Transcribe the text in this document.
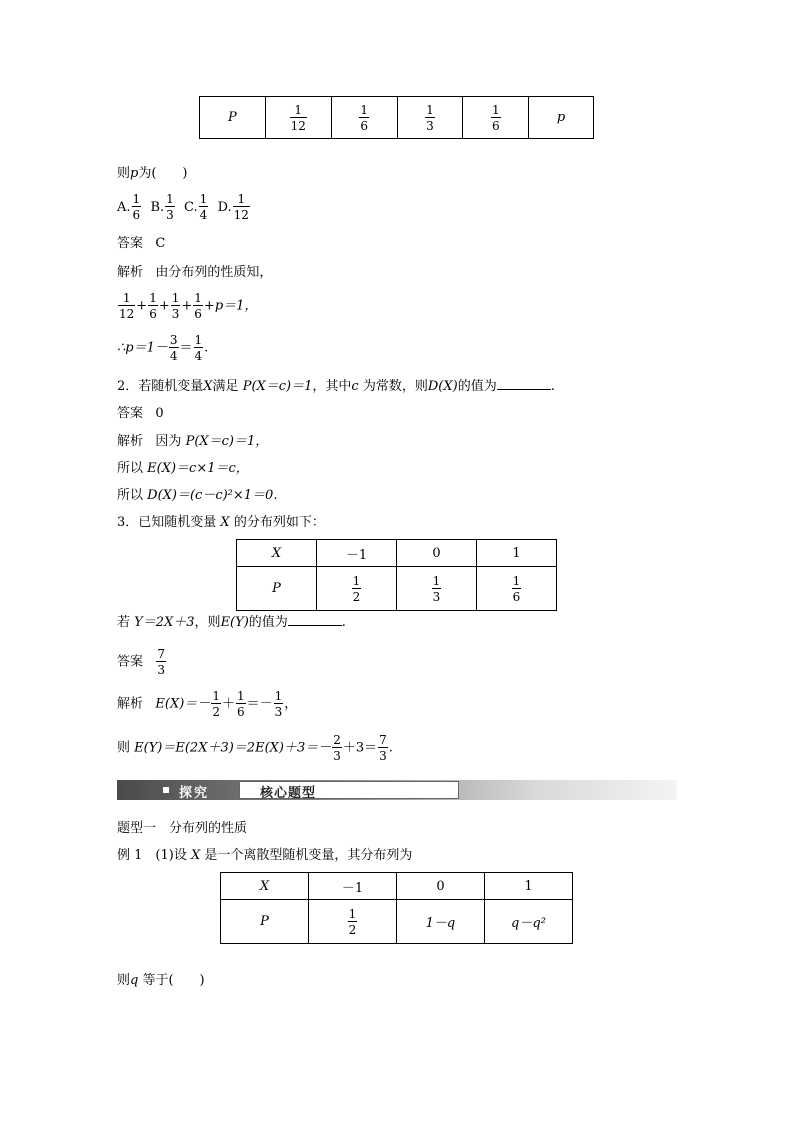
P	$\frac{1}{12}$	$\frac{1}{6}$	$\frac{1}{3}$	$\frac{1}{6}$	p
则p为(　　)
A. $\frac{1}{6} B$. $\frac{1}{3} C$. $\frac{1}{4} D$. $\frac{1}{12}$
答案 C
解析 由分布列的性质知，
$\frac{1}{12} + \frac{1}{6} + \frac{1}{3} + \frac{1}{6} +p=1$，
∴p＝1－ $\frac{3}{4} = \frac{1}{4}$ .
2．若随机变量X满足 P(X＝c)＝1，其中c 为常数，则D(X)的值为	.
答案 0
解析 因为 P(X＝c)＝1，
所以 E(X)＝c×1＝c，
所以 D(X)＝(c－c)²×1＝0.
3．已知随机变量 X 的分布列如下：
X	－1	0	1
P	$\frac{1}{2}$	$\frac{1}{3}$	$\frac{1}{6}$
若 Y＝2X＋3，则E(Y)的值为	.
答案 $\frac{7}{3}$
解析 $E(X)=- \frac{1}{2} + \frac{1}{6} =- \frac{1}{3}$ ，
则 $E(Y)=E(2X+3)=2E(X)+3=- \frac{2}{3} +3= \frac{7}{3}$ .
探究	核心题型
题型一　分布列的性质
例 1　(1)设 X 是一个离散型随机变量，其分布列为
X	－1	0	1
P	$\frac{1}{2}$	1－q	q－q²
则q 等于(　　)
